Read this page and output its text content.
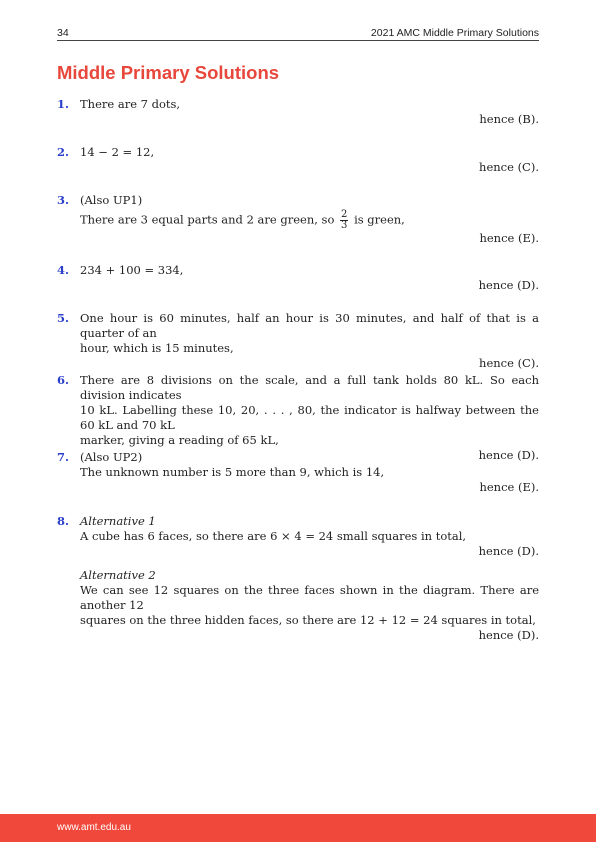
34	2021 AMC Middle Primary Solutions
Middle Primary Solutions
1. There are 7 dots,
hence (B).
2. 14 − 2 = 12,
hence (C).
3. (Also UP1)
There are 3 equal parts and 2 are green, so $\frac{2}{3}$ is green,
hence (E).
4. 234 + 100 = 334,
hence (D).
5. One hour is 60 minutes, half an hour is 30 minutes, and half of that is a quarter of an
hour, which is 15 minutes,
hence (C).
6. There are 8 divisions on the scale, and a full tank holds 80 kL. So each division indicates
10 kL. Labelling these 10, 20, . . . , 80, the indicator is halfway between the 60 kL and 70 kL
marker, giving a reading of 65 kL,
hence (D).
7. (Also UP2)
The unknown number is 5 more than 9, which is 14,
hence (E).
8. Alternative 1
A cube has 6 faces, so there are 6 × 4 = 24 small squares in total,
hence (D).
Alternative 2
We can see 12 squares on the three faces shown in the diagram. There are another 12
squares on the three hidden faces, so there are 12 + 12 = 24 squares in total,
hence (D).
www.amt.edu.au
